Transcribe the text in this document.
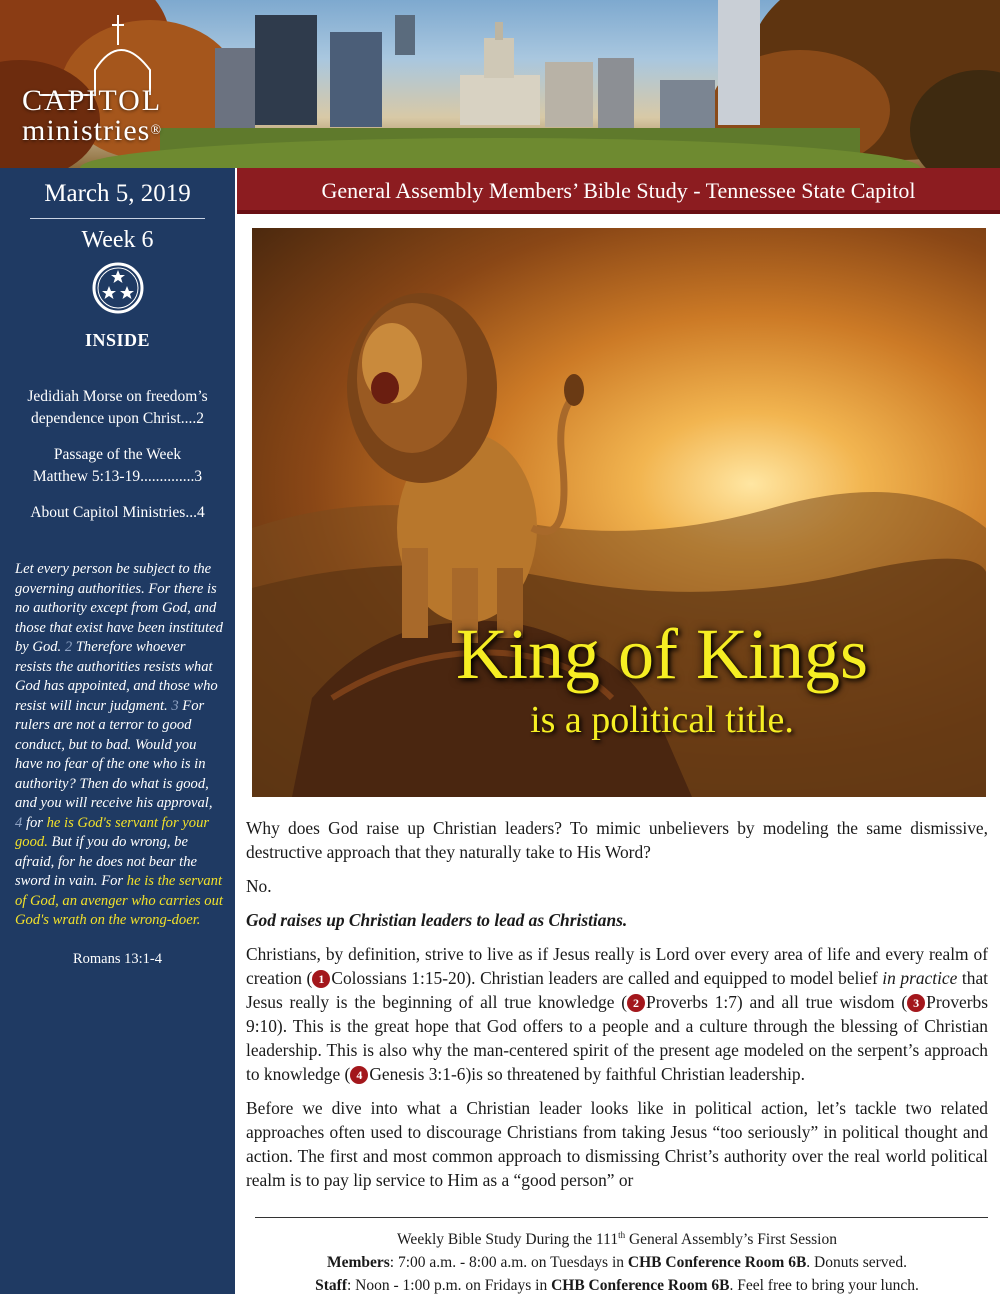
CAPITOL
ministries®
March 5, 2019
Week 6
INSIDE
Jedidiah Morse on freedom’s
dependence upon Christ....2
Passage of the Week
Matthew 5:13-19..............3
About Capitol Ministries...4
Let every person be subject to the governing authorities. For there is no authority except from God, and those that exist have been instituted by God. 2 Therefore whoever resists the authorities resists what God has appointed, and those who resist will incur judgment. 3 For rulers are not a terror to good conduct, but to bad. Would you have no fear of the one who is in authority? Then do what is good, and you will receive his approval, 4 for he is God's servant for your good. But if you do wrong, be afraid, for he does not bear the sword in vain. For he is the servant of God, an avenger who carries out God's wrath on the wrong-doer.
Romans 13:1-4
General Assembly Members’ Bible Study - Tennessee State Capitol
King of Kings
is a political title.

Why does God raise up Christian leaders? To mimic unbelievers by modeling the same dismissive, destructive approach that they naturally take to His Word?

No.

God raises up Christian leaders to lead as Christians.

Christians, by definition, strive to live as if Jesus really is Lord over every area of life and every realm of creation ( 1 Colossians 1:15-20). Christian leaders are called and equipped to model belief in practice that Jesus really is the beginning of all true knowledge ( 2 Proverbs 1:7) and all true wisdom ( 3 Proverbs 9:10). This is the great hope that God offers to a people and a culture through the blessing of Christian leadership. This is also why the man-centered spirit of the present age modeled on the serpent’s approach to knowledge ( 4 Genesis 3:1-6)is so threatened by faithful Christian leadership.

Before we dive into what a Christian leader looks like in political action, let’s tackle two related approaches often used to discourage Christians from taking Jesus “too seriously” in political thought and action. The first and most common approach to dismissing Christ’s authority over the real world political realm is to pay lip service to Him as a “good person” or

Weekly Bible Study During the 111th General Assembly’s First Session
Members: 7:00 a.m. - 8:00 a.m. on Tuesdays in CHB Conference Room 6B. Donuts served.
Staff: Noon - 1:00 p.m. on Fridays in CHB Conference Room 6B. Feel free to bring your lunch.
